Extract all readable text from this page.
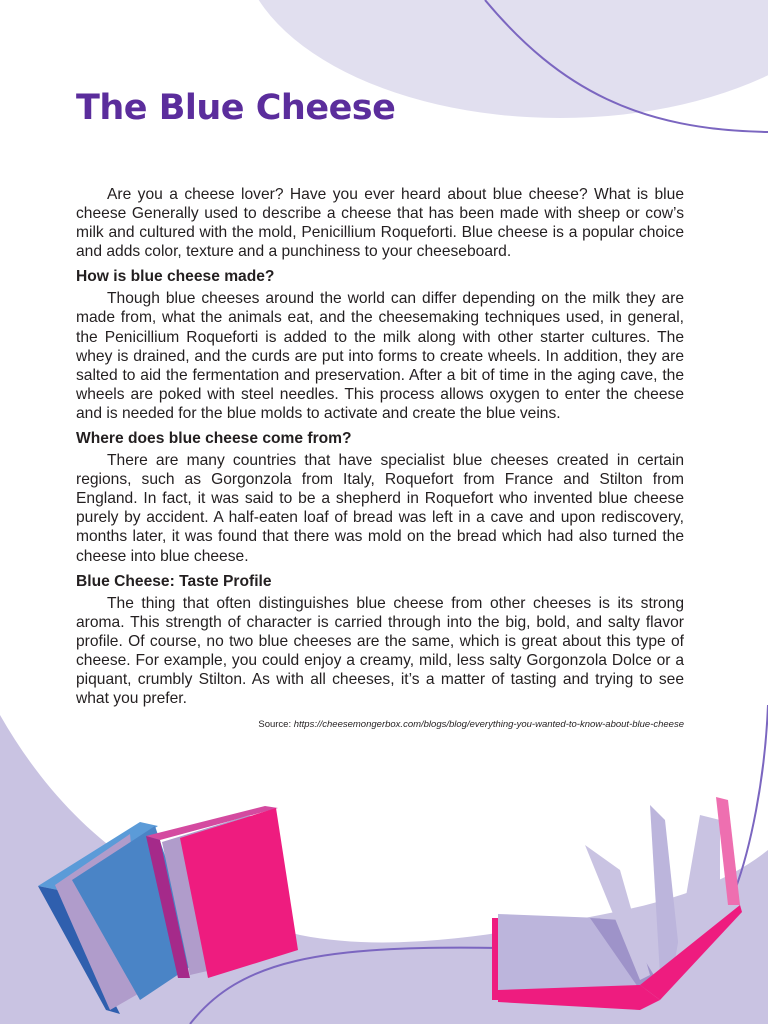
The Blue Cheese

Are you a cheese lover? Have you ever heard about blue cheese? What is blue cheese Generally used to describe a cheese that has been made with sheep or cow’s milk and cultured with the mold, Penicillium Roqueforti. Blue cheese is a popular choice and adds color, texture and a punchiness to your cheeseboard.

How is blue cheese made?

Though blue cheeses around the world can differ depending on the milk they are made from, what the animals eat, and the cheesemaking techniques used, in general, the Penicillium Roqueforti is added to the milk along with other starter cultures. The whey is drained, and the curds are put into forms to create wheels. In addition, they are salted to aid the fermentation and preservation. After a bit of time in the aging cave, the wheels are poked with steel needles. This process allows oxygen to enter the cheese and is needed for the blue molds to activate and create the blue veins.

Where does blue cheese come from?

There are many countries that have specialist blue cheeses created in certain regions, such as Gorgonzola from Italy, Roquefort from France and Stilton from England. In fact, it was said to be a shepherd in Roquefort who invented blue cheese purely by accident. A half-eaten loaf of bread was left in a cave and upon rediscovery, months later, it was found that there was mold on the bread which had also turned the cheese into blue cheese.

Blue Cheese: Taste Profile

The thing that often distinguishes blue cheese from other cheeses is its strong aroma. This strength of character is carried through into the big, bold, and salty flavor profile. Of course, no two blue cheeses are the same, which is great about this type of cheese. For example, you could enjoy a creamy, mild, less salty Gorgonzola Dolce or a piquant, crumbly Stilton. As with all cheeses, it’s a matter of tasting and trying to see what you prefer.

Source: https://cheesemongerbox.com/blogs/blog/everything-you-wanted-to-know-about-blue-cheese
